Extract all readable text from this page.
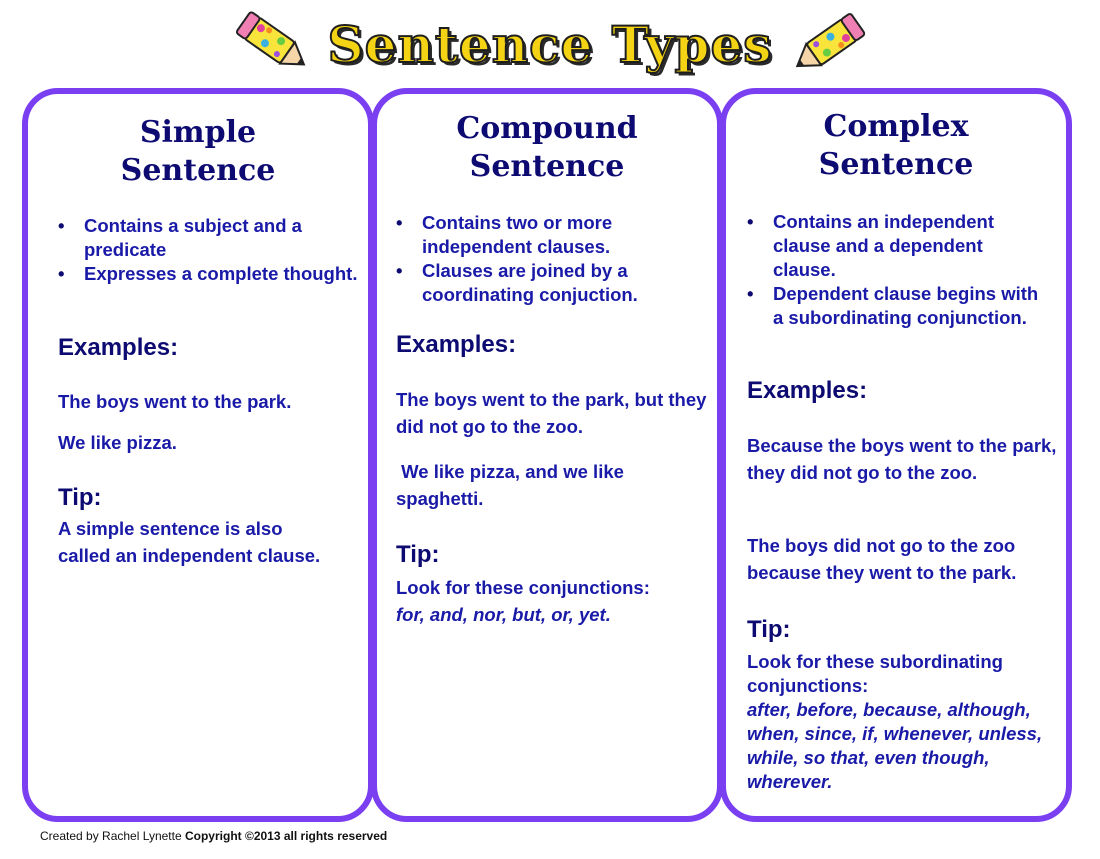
Sentence Types
Simple
Sentence
• Contains a subject and a predicate
• Expresses a complete thought.
Examples:
The boys went to the park.
We like pizza.
Tip:
A simple sentence is also called an independent clause.
Compound
Sentence
• Contains two or more independent clauses.
• Clauses are joined by a coordinating conjuction.
Examples:
The boys went to the park, but they did not go to the zoo.
We like pizza, and we like spaghetti.
Tip:
Look for these conjunctions:
for, and, nor, but, or, yet.
Complex
Sentence
• Contains an independent clause and a dependent clause.
• Dependent clause begins with a subordinating conjunction.
Examples:
Because the boys went to the park, they did not go to the zoo.
The boys did not go to the zoo because they went to the park.
Tip:
Look for these subordinating conjunctions:
after, before, because, although, when, since, if, whenever, unless, while, so that, even though, wherever.
Created by Rachel Lynette Copyright ©2013 all rights reserved
